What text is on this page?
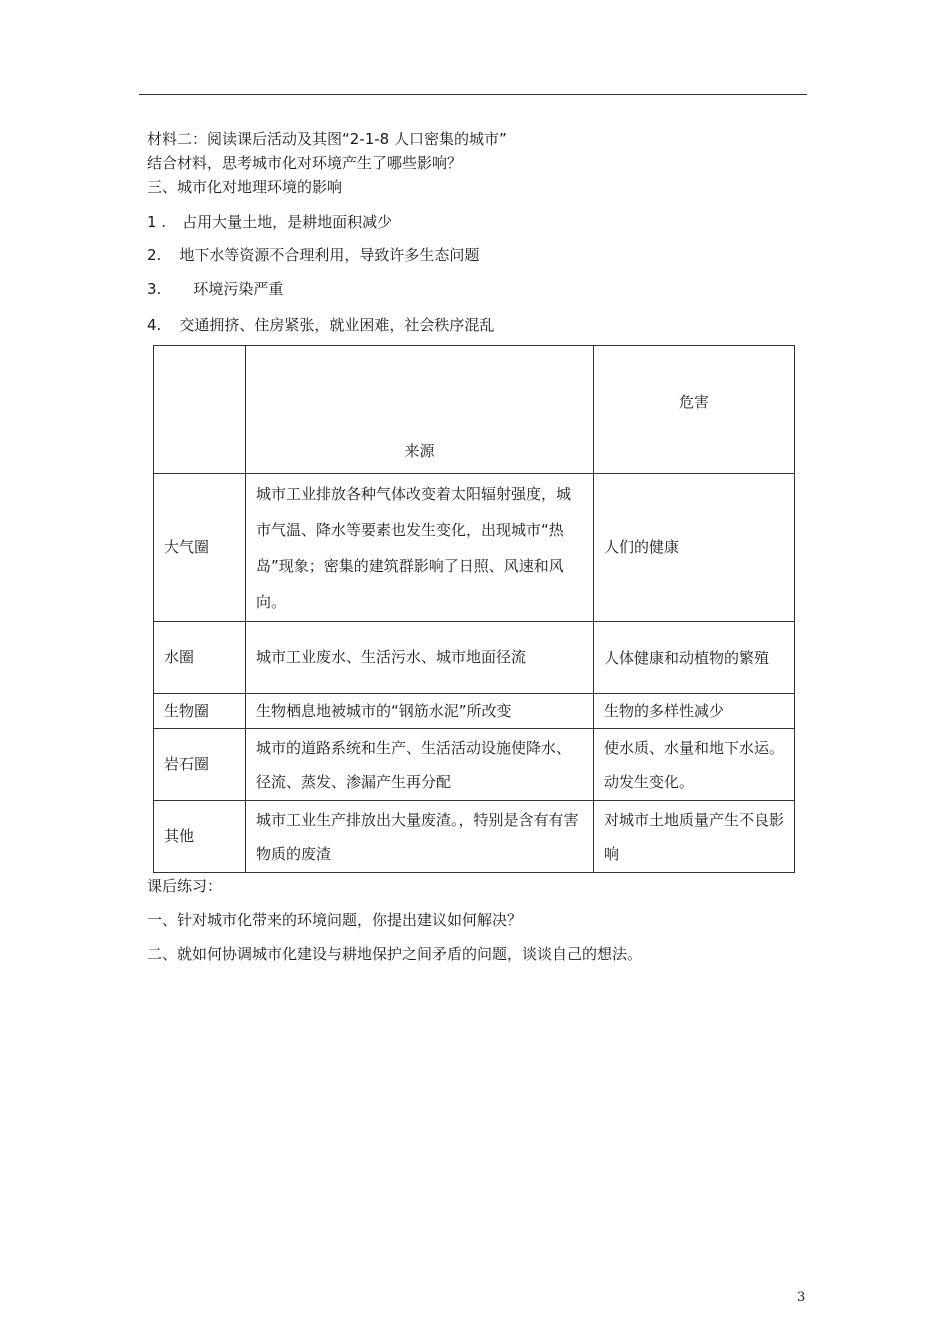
材料二：阅读课后活动及其图“2-1-8 人口密集的城市”
结合材料，思考城市化对环境产生了哪些影响？
三、城市化对地理环境的影响
1 . 占用大量土地，是耕地面积减少
2. 地下水等资源不合理利用，导致许多生态问题
3. 环境污染严重
4. 交通拥挤、住房紧张，就业困难，社会秩序混乱
	来源	危害
大气圈	城市工业排放各种气体改变着太阳辐射强度，城市气温、降水等要素也发生变化，出现城市“热岛”现象；密集的建筑群影响了日照、风速和风向。	人们的健康
水圈	城市工业废水、生活污水、城市地面径流	人体健康和动植物的繁殖
生物圈	生物栖息地被城市的“钢筋水泥”所改变	生物的多样性减少
岩石圈	城市的道路系统和生产、生活活动设施使降水、径流、蒸发、渗漏产生再分配	使水质、水量和地下水运。动发生变化。
其他	城市工业生产排放出大量废渣。，特别是含有有害物质的废渣	对城市土地质量产生不良影响
课后练习：
一、针对城市化带来的环境问题，你提出建议如何解决？
二、就如何协调城市化建设与耕地保护之间矛盾的问题，谈谈自己的想法。
3
